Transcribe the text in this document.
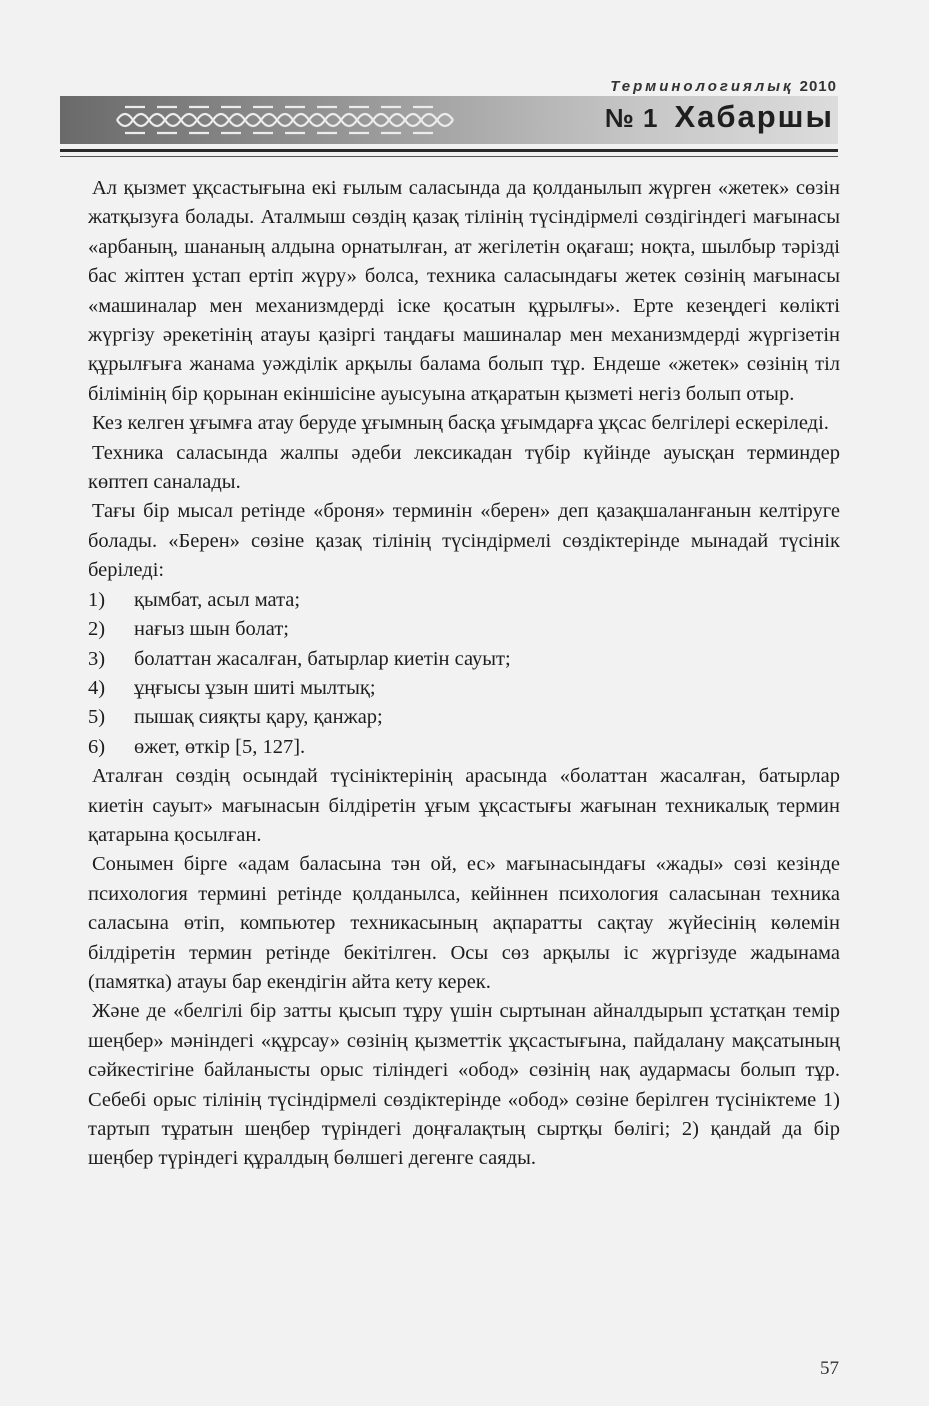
Терминологиялық 2010
№ 1 Хабаршы

Ал қызмет ұқсастығына екі ғылым саласында да қолданылып жүрген «жетек» сөзін жатқызуға болады. Аталмыш сөздің қазақ тілінің түсіндірмелі сөздігіндегі мағынасы «арбаның, шананың алдына орнатылған, ат жегілетін оқағаш; ноқта, шылбыр тәрізді бас жіптен ұстап ертіп жүру» болса, техника саласындағы жетек сөзінің мағынасы «машиналар мен механизмдерді іске қосатын құрылғы». Ерте кезеңдегі көлікті жүргізу әрекетінің атауы қазіргі таңдағы машиналар мен механизмдерді жүргізетін құрылғыға жанама уәжділік арқылы балама болып тұр. Ендеше «жетек» сөзінің тіл білімінің бір қорынан екіншісіне ауысуына атқаратын қызметі негіз болып отыр.

Кез келген ұғымға атау беруде ұғымның басқа ұғымдарға ұқсас белгілері ескеріледі.

Техника саласында жалпы әдеби лексикадан түбір күйінде ауысқан терминдер көптеп саналады.

Тағы бір мысал ретінде «броня» терминін «берен» деп қазақшаланғанын келтіруге болады. «Берен» сөзіне қазақ тілінің түсіндірмелі сөздіктерінде мынадай түсінік беріледі:

1)	қымбат, асыл мата;
2)	нағыз шын болат;
3)	болаттан жасалған, батырлар киетін сауыт;
4)	ұңғысы ұзын шиті мылтық;
5)	пышақ сияқты қару, қанжар;
6)	өжет, өткір [5, 127].

Аталған сөздің осындай түсініктерінің арасында «болаттан жасалған, батырлар киетін сауыт» мағынасын білдіретін ұғым ұқсастығы жағынан техникалық термин қатарына қосылған.

Сонымен бірге «адам баласына тән ой, ес» мағынасындағы «жады» сөзі кезінде психология термині ретінде қолданылса, кейіннен психология саласынан техника саласына өтіп, компьютер техникасының ақпаратты сақтау жүйесінің көлемін білдіретін термин ретінде бекітілген. Осы сөз арқылы іс жүргізуде жадынама (памятка) атауы бар екендігін айта кету керек.

Және де «белгілі бір затты қысып тұру үшін сыртынан айналдырып ұстатқан темір шеңбер» мәніндегі «құрсау» сөзінің қызметтік ұқсастығына, пайдалану мақсатының сәйкестігіне байланысты орыс тіліндегі «обод» сөзінің нақ аудармасы болып тұр. Себебі орыс тілінің түсіндірмелі сөздіктерінде «обод» сөзіне берілген түсініктеме 1) тартып тұратын шеңбер түріндегі доңғалақтың сыртқы бөлігі; 2) қандай да бір шеңбер түріндегі құралдың бөлшегі дегенге саяды.

57
